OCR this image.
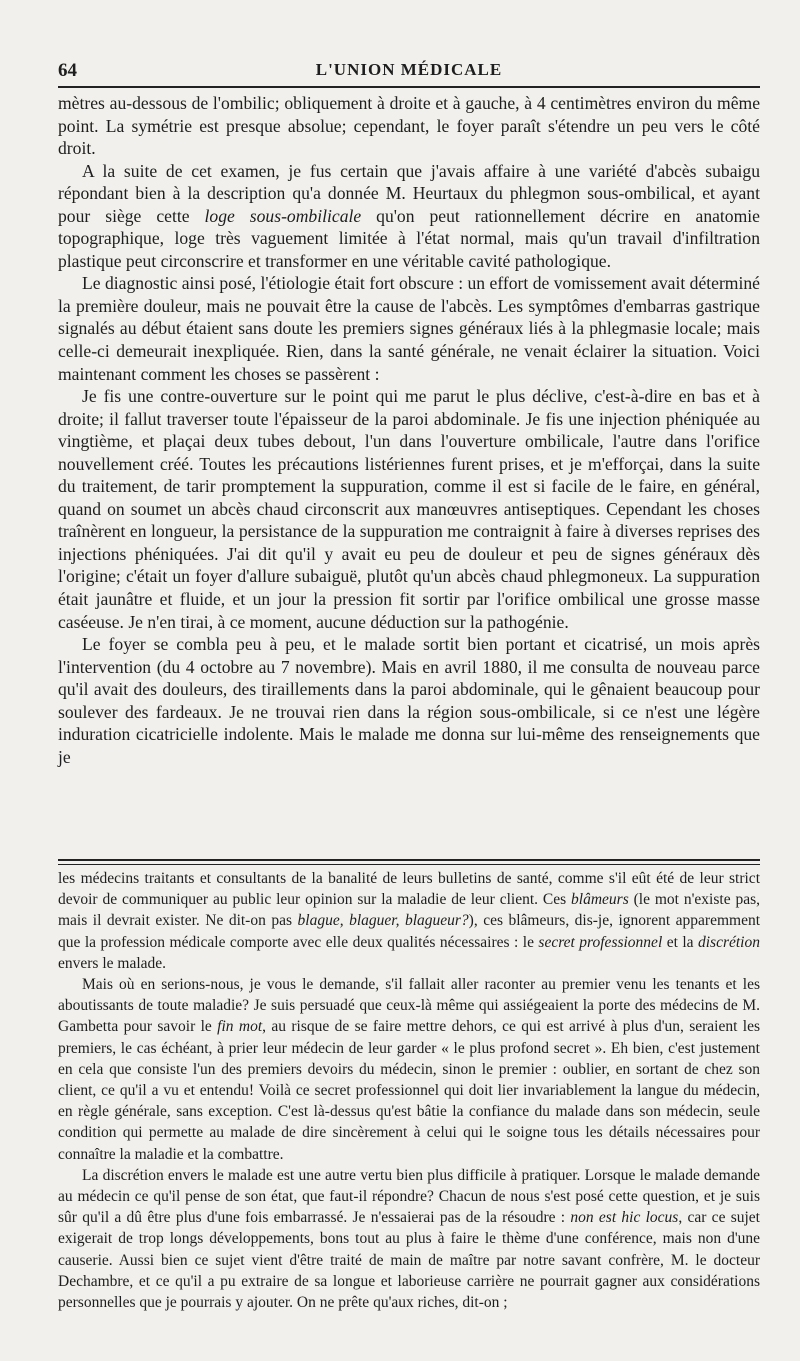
64	L'UNION MÉDICALE

mètres au-dessous de l'ombilic; obliquement à droite et à gauche, à 4 centimètres environ du même point. La symétrie est presque absolue; cependant, le foyer paraît s'étendre un peu vers le côté droit.

A la suite de cet examen, je fus certain que j'avais affaire à une variété d'abcès subaigu répondant bien à la description qu'a donnée M. Heurtaux du phlegmon sous-ombilical, et ayant pour siège cette loge sous-ombilicale qu'on peut rationnellement décrire en anatomie topographique, loge très vaguement limitée à l'état normal, mais qu'un travail d'infiltration plastique peut circonscrire et transformer en une véritable cavité pathologique.

Le diagnostic ainsi posé, l'étiologie était fort obscure : un effort de vomissement avait déterminé la première douleur, mais ne pouvait être la cause de l'abcès. Les symptômes d'embarras gastrique signalés au début étaient sans doute les premiers signes généraux liés à la phlegmasie locale; mais celle-ci demeurait inexpliquée. Rien, dans la santé générale, ne venait éclairer la situation. Voici maintenant comment les choses se passèrent :

Je fis une contre-ouverture sur le point qui me parut le plus déclive, c'est-à-dire en bas et à droite; il fallut traverser toute l'épaisseur de la paroi abdominale. Je fis une injection phéniquée au vingtième, et plaçai deux tubes debout, l'un dans l'ouverture ombilicale, l'autre dans l'orifice nouvellement créé. Toutes les précautions listériennes furent prises, et je m'efforçai, dans la suite du traitement, de tarir promptement la suppuration, comme il est si facile de le faire, en général, quand on soumet un abcès chaud circonscrit aux manœuvres antiseptiques. Cependant les choses traînèrent en longueur, la persistance de la suppuration me contraignit à faire à diverses reprises des injections phéniquées. J'ai dit qu'il y avait eu peu de douleur et peu de signes généraux dès l'origine; c'était un foyer d'allure subaiguë, plutôt qu'un abcès chaud phlegmoneux. La suppuration était jaunâtre et fluide, et un jour la pression fit sortir par l'orifice ombilical une grosse masse caséeuse. Je n'en tirai, à ce moment, aucune déduction sur la pathogénie.

Le foyer se combla peu à peu, et le malade sortit bien portant et cicatrisé, un mois après l'intervention (du 4 octobre au 7 novembre). Mais en avril 1880, il me consulta de nouveau parce qu'il avait des douleurs, des tiraillements dans la paroi abdominale, qui le gênaient beaucoup pour soulever des fardeaux. Je ne trouvai rien dans la région sous-ombilicale, si ce n'est une légère induration cicatricielle indolente. Mais le malade me donna sur lui-même des renseignements que je

les médecins traitants et consultants de la banalité de leurs bulletins de santé, comme s'il eût été de leur strict devoir de communiquer au public leur opinion sur la maladie de leur client. Ces blâmeurs (le mot n'existe pas, mais il devrait exister. Ne dit-on pas blague, blaguer, blagueur?), ces blâmeurs, dis-je, ignorent apparemment que la profession médicale comporte avec elle deux qualités nécessaires : le secret professionnel et la discrétion envers le malade.

Mais où en serions-nous, je vous le demande, s'il fallait aller raconter au premier venu les tenants et les aboutissants de toute maladie? Je suis persuadé que ceux-là même qui assiégeaient la porte des médecins de M. Gambetta pour savoir le fin mot, au risque de se faire mettre dehors, ce qui est arrivé à plus d'un, seraient les premiers, le cas échéant, à prier leur médecin de leur garder « le plus profond secret ». Eh bien, c'est justement en cela que consiste l'un des premiers devoirs du médecin, sinon le premier : oublier, en sortant de chez son client, ce qu'il a vu et entendu! Voilà ce secret professionnel qui doit lier invariablement la langue du médecin, en règle générale, sans exception. C'est là-dessus qu'est bâtie la confiance du malade dans son médecin, seule condition qui permette au malade de dire sincèrement à celui qui le soigne tous les détails nécessaires pour connaître la maladie et la combattre.

La discrétion envers le malade est une autre vertu bien plus difficile à pratiquer. Lorsque le malade demande au médecin ce qu'il pense de son état, que faut-il répondre? Chacun de nous s'est posé cette question, et je suis sûr qu'il a dû être plus d'une fois embarrassé. Je n'essaierai pas de la résoudre : non est hic locus, car ce sujet exigerait de trop longs développements, bons tout au plus à faire le thème d'une conférence, mais non d'une causerie. Aussi bien ce sujet vient d'être traité de main de maître par notre savant confrère, M. le docteur Dechambre, et ce qu'il a pu extraire de sa longue et laborieuse carrière ne pourrait gagner aux considérations personnelles que je pourrais y ajouter. On ne prête qu'aux riches, dit-on ;
